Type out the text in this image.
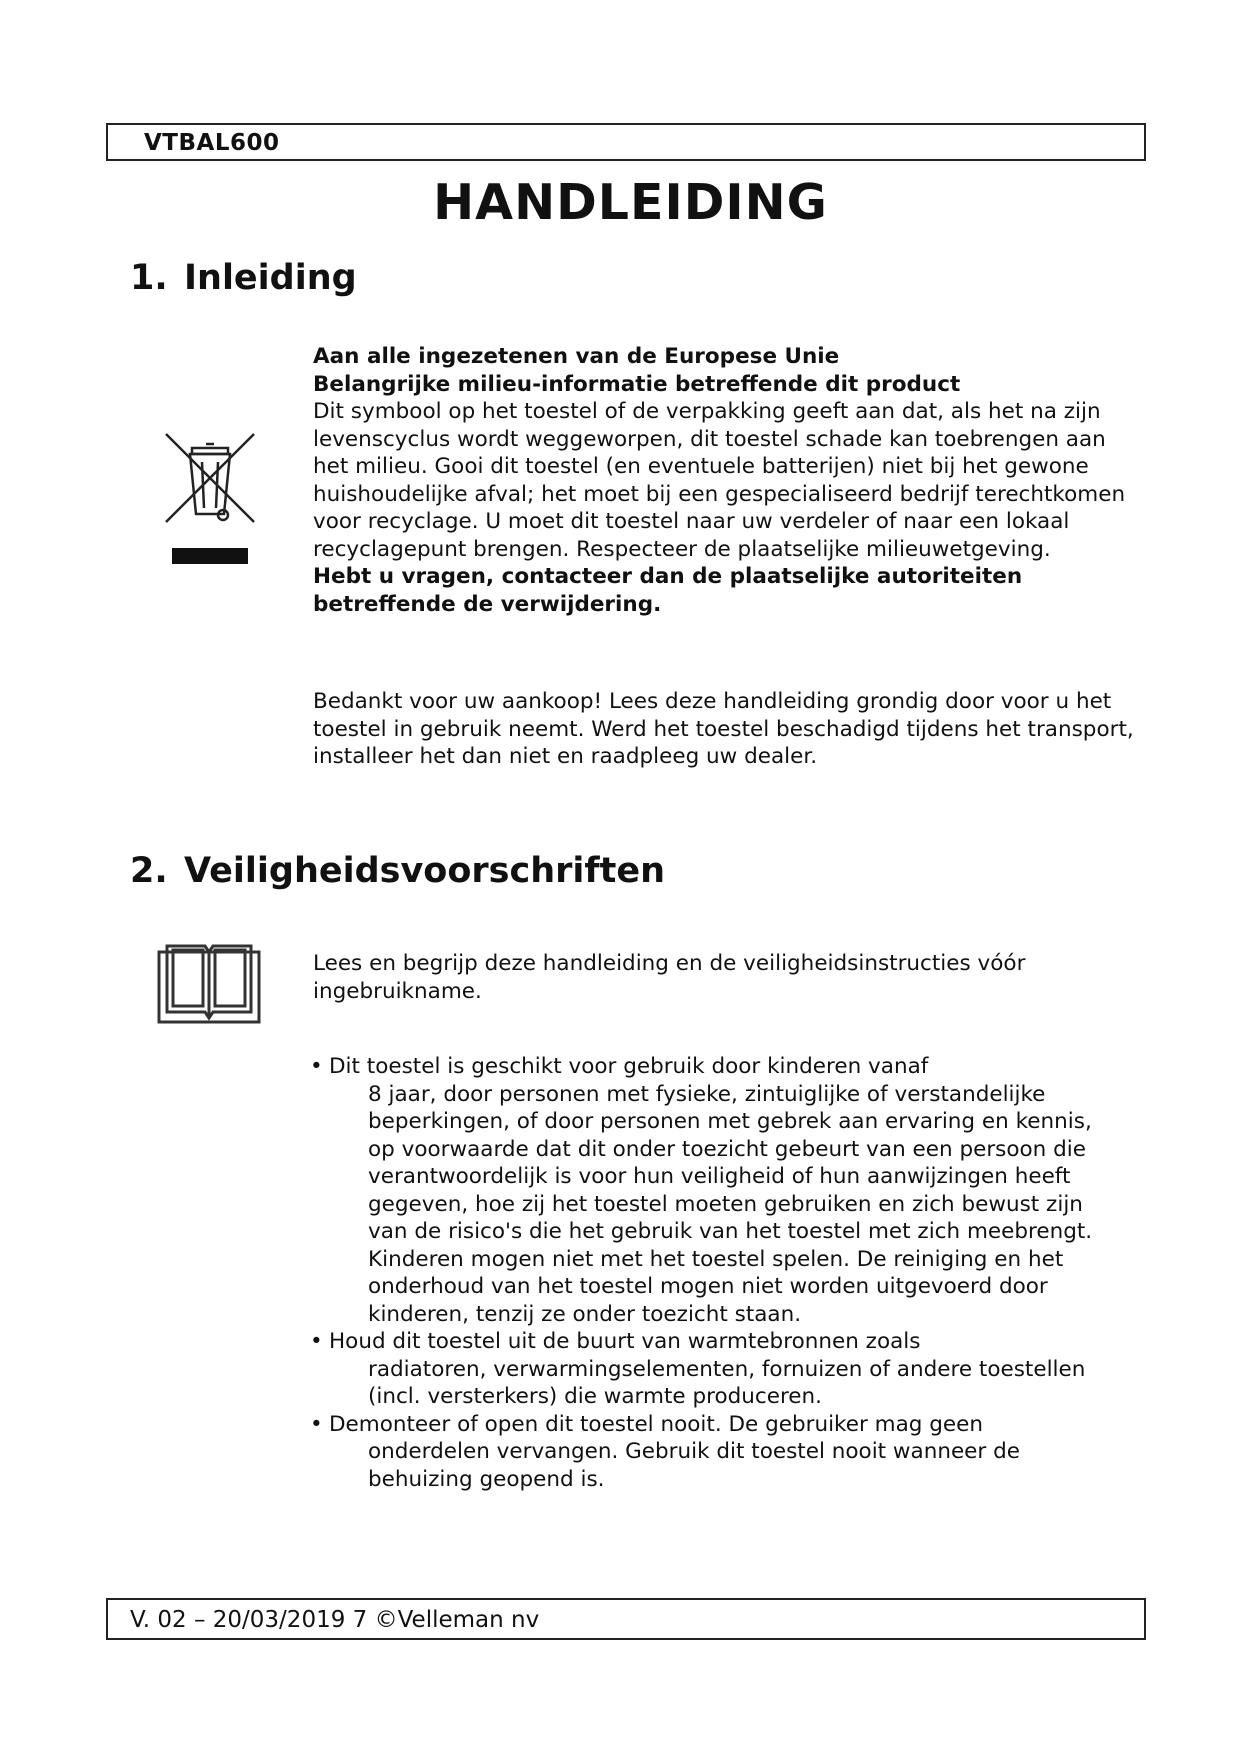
VTBAL600
HANDLEIDING
1. Inleiding

Aan alle ingezetenen van de Europese Unie

Belangrijke milieu-informatie betreffende dit product

Dit symbool op het toestel of de verpakking geeft aan dat, als het na zijn levenscyclus wordt weggeworpen, dit toestel schade kan toebrengen aan het milieu. Gooi dit toestel (en eventuele batterijen) niet bij het gewone huishoudelijke afval; het moet bij een gespecialiseerd bedrijf terechtkomen voor recyclage. U moet dit toestel naar uw verdeler of naar een lokaal recyclagepunt brengen. Respecteer de plaatselijke milieuwetgeving.

Hebt u vragen, contacteer dan de plaatselijke autoriteiten betreffende de verwijdering.

Bedankt voor uw aankoop! Lees deze handleiding grondig door voor u het toestel in gebruik neemt. Werd het toestel beschadigd tijdens het transport, installeer het dan niet en raadpleeg uw dealer.

2. Veiligheidsvoorschriften

Lees en begrijp deze handleiding en de veiligheidsinstructies vóór ingebruikname.

• Dit toestel is geschikt voor gebruik door kinderen vanaf
8 jaar, door personen met fysieke, zintuiglijke of verstandelijke beperkingen, of door personen met gebrek aan ervaring en kennis, op voorwaarde dat dit onder toezicht gebeurt van een persoon die verantwoordelijk is voor hun veiligheid of hun aanwijzingen heeft gegeven, hoe zij het toestel moeten gebruiken en zich bewust zijn van de risico's die het gebruik van het toestel met zich meebrengt. Kinderen mogen niet met het toestel spelen. De reiniging en het onderhoud van het toestel mogen niet worden uitgevoerd door kinderen, tenzij ze onder toezicht staan.
• Houd dit toestel uit de buurt van warmtebronnen zoals
radiatoren, verwarmingselementen, fornuizen of andere toestellen (incl. versterkers) die warmte produceren.
• Demonteer of open dit toestel nooit. De gebruiker mag geen
onderdelen vervangen. Gebruik dit toestel nooit wanneer de behuizing geopend is.
V. 02 – 20/03/2019 7 ©Velleman nv
